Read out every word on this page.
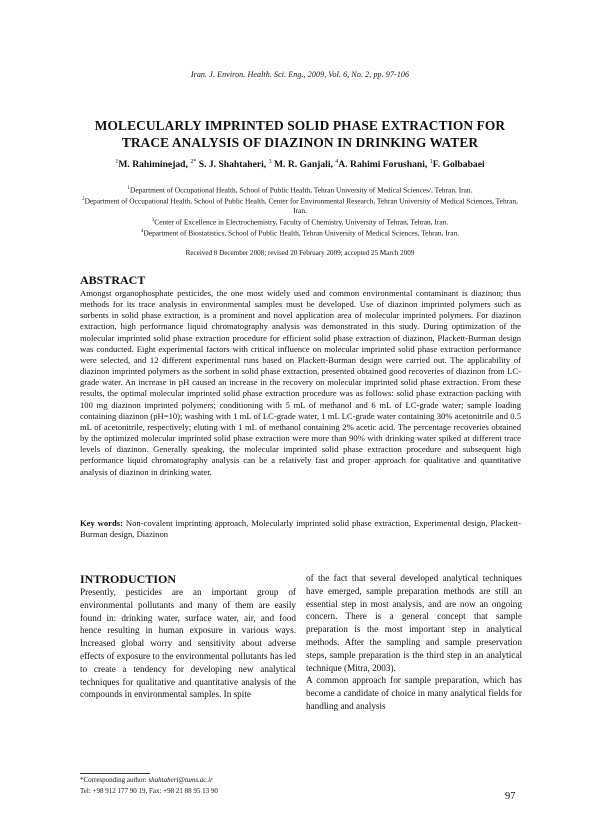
Iran. J. Environ. Health. Sci. Eng., 2009, Vol. 6, No. 2, pp. 97-106
MOLECULARLY IMPRINTED SOLID PHASE EXTRACTION FOR
TRACE ANALYSIS OF DIAZINON IN DRINKING WATER
$^1$M. Rahiminejad, $^{2*}$ S. J. Shahtaheri, $^3$ M. R. Ganjali, $^4$A. Rahimi Forushani, $^1$F. Golbabaei
$^1$Department of Occupational Health, School of Public Health, Tehran University of Medical Sciences/, Tehran, Iran.
$^2$Department of Occupational Health, School of Public Health, Center for Environmental Research, Tehran University of Medical Sciences, Tehran, Iran.
$^3$Center of Excellence in Electrochemistry, Faculty of Chemistry, University of Tehran, Tehran, Iran.
$^4$Department of Biostatistics, School of Public Health, Tehran University of Medical Sciences, Tehran, Iran.
Received 8 December 2008; revised 20 February 2009; accepted 25 March 2009
ABSTRACT
Amongst organophosphate pesticides, the one most widely used and common environmental contaminant is diazinon; thus methods for its trace analysis in environmental samples must be developed. Use of diazinon imprinted polymers such as sorbents in solid phase extraction, is a prominent and novel application area of molecular imprinted polymers. For diazinon extraction, high performance liquid chromatography analysis was demonstrated in this study. During optimization of the molecular imprinted solid phase extraction procedure for efficient solid phase extraction of diazinon, Plackett-Burman design was conducted. Eight experimental factors with critical influence on molecular imprinted solid phase extraction performance were selected, and 12 different experimental runs based on Plackett-Burman design were carried out. The applicability of diazinon imprinted polymers as the sorbent in solid phase extraction, presented obtained good recoveries of diazinon from LC-grade water. An increase in pH caused an increase in the recovery on molecular imprinted solid phase extraction. From these results, the optimal molecular imprinted solid phase extraction procedure was as follows: solid phase extraction packing with 100 mg diazinon imprinted polymers; conditioning with 5 mL of methanol and 6 mL of LC-grade water; sample loading containing diazinon (pH=10); washing with 1 mL of LC-grade water, 1 mL LC-grade water containing 30% acetonitrile and 0.5 mL of acetonitrile, respectively; eluting with 1 mL of methanol containing 2% acetic acid. The percentage recoveries obtained by the optimized molecular imprinted solid phase extraction were more than 90% with drinking water spiked at different trace levels of diazinon. Generally speaking, the molecular imprinted solid phase extraction procedure and subsequent high performance liquid chromatography analysis can be a relatively fast and proper approach for qualitative and quantitative analysis of diazinon in drinking water.
Key words: Non-covalent imprinting approach, Molecularly imprinted solid phase extraction, Experimental design, Plackett-Burman design, Diazinon
INTRODUCTION
Presently, pesticides are an important group of environmental pollutants and many of them are easily found in: drinking water, surface water, air, and food hence resulting in human exposure in various ways. Increased global worry and sensitivity about adverse effects of exposure to the environmental pollutants has led to create a tendency for developing new analytical techniques for qualitative and quantitative analysis of the compounds in environmental samples. In spite

of the fact that several developed analytical techniques have emerged, sample preparation methods are still an essential step in most analysis, and are now an ongoing concern. There is a general concept that sample preparation is the most important step in analytical methods. After the sampling and sample preservation steps, sample preparation is the third step in an analytical technique (Mitra, 2003).

A common approach for sample preparation, which has become a candidate of choice in many analytical fields for handling and analysis

*Corresponding author: shahtaheri@tums.ac.ir
Tel: +98 912 177 90 19, Fax: +98 21 88 95 13 90
97
